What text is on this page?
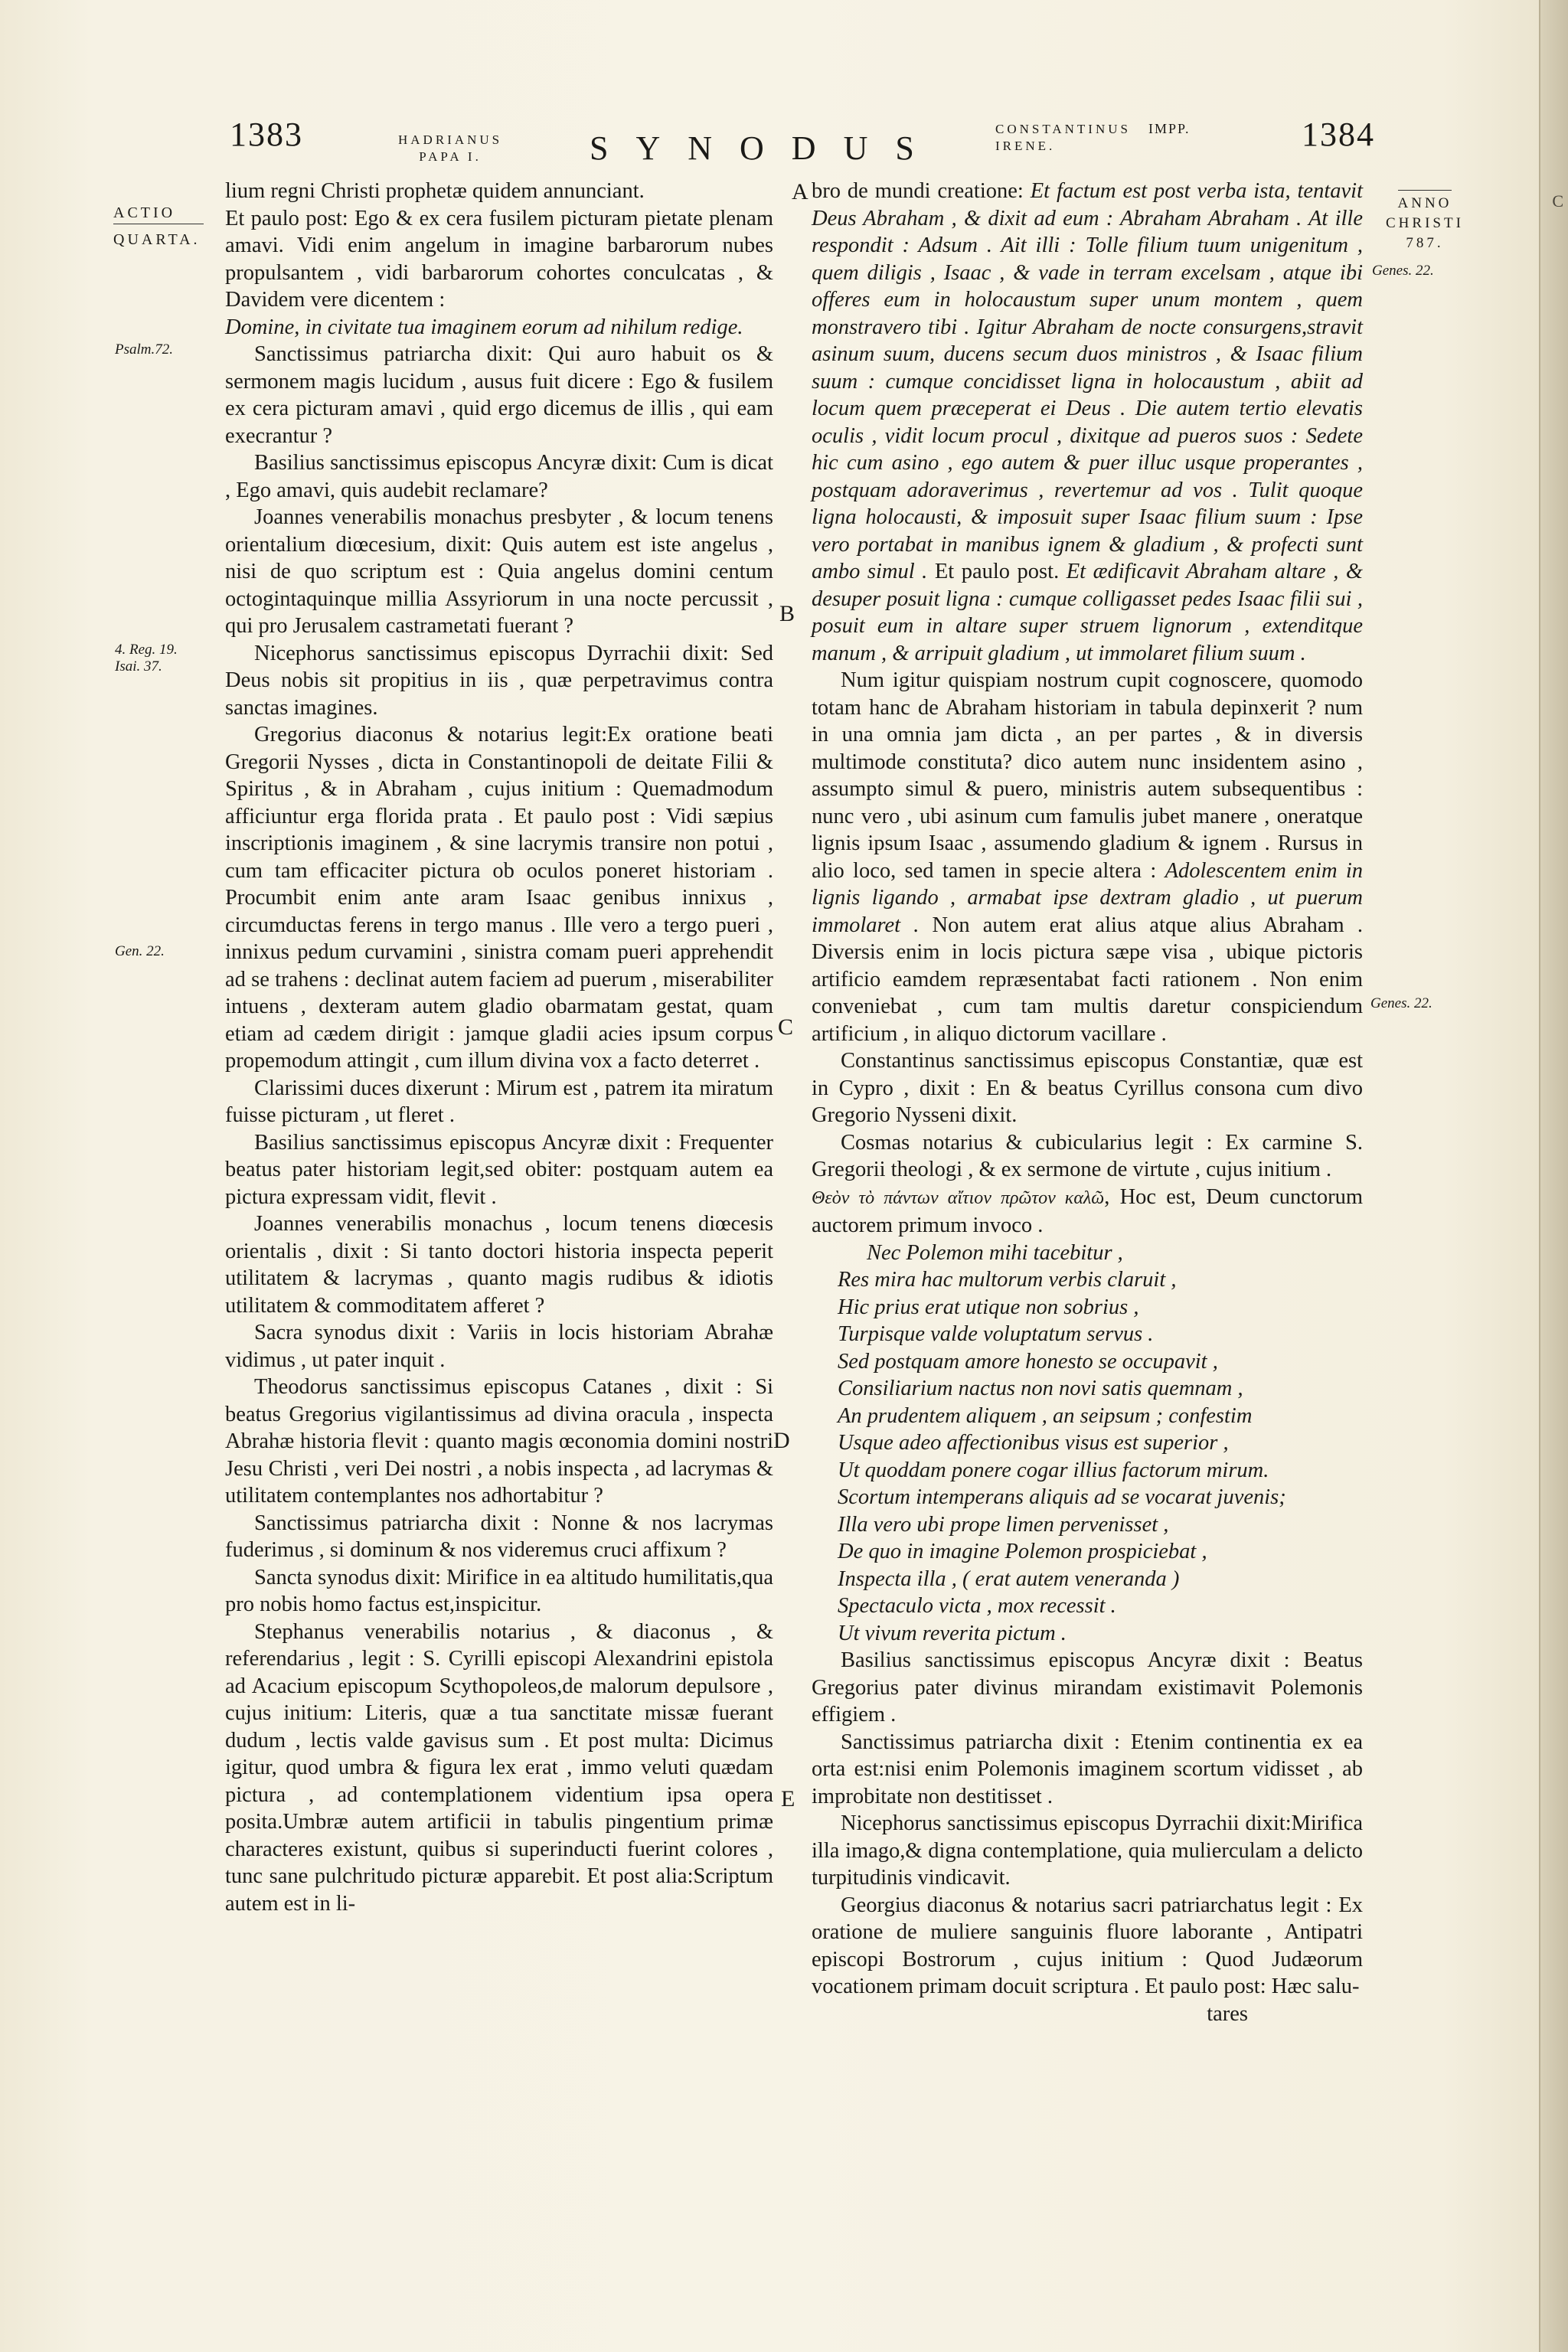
C
1383	HADRIANUS
PAPA I.	SYNODUS
CONSTANTINUS
IRENE.
IMPP.	1384
ACTIO
QUARTA.
Psalm.72.
4. Reg. 19.
Isai. 37.
Gen. 22.
A
B
C
D
E
ANNO
CHRISTI
787.
Genes. 22.
Genes. 22.

lium regni Christi prophetæ quidem annunciant.

Et paulo post: Ego & ex cera fusilem picturam pietate plenam amavi. Vidi enim angelum in imagine barbarorum nubes propulsantem , vidi barbarorum cohortes conculcatas , & Davidem vere dicentem :

Domine, in civitate tua imaginem eorum ad nihilum redige.

Sanctissimus patriarcha dixit: Qui auro habuit os & sermonem magis lucidum , ausus fuit dicere : Ego & fusilem ex cera picturam amavi , quid ergo dicemus de illis , qui eam execrantur ?

Basilius sanctissimus episcopus Ancyræ dixit: Cum is dicat , Ego amavi, quis audebit reclamare?

Joannes venerabilis monachus presbyter , & locum tenens orientalium diœcesium, dixit: Quis autem est iste angelus , nisi de quo scriptum est : Quia angelus domini centum octogintaquinque millia Assyriorum in una nocte percussit , qui pro Jerusalem castrametati fuerant ?

Nicephorus sanctissimus episcopus Dyrrachii dixit: Sed Deus nobis sit propitius in iis , quæ perpetravimus contra sanctas imagines.

Gregorius diaconus & notarius legit:Ex oratione beati Gregorii Nysses , dicta in Constantinopoli de deitate Filii & Spiritus , & in Abraham , cujus initium : Quemadmodum afficiuntur erga florida prata . Et paulo post : Vidi sæpius inscriptionis imaginem , & sine lacrymis transire non potui , cum tam efficaciter pictura ob oculos poneret historiam . Procumbit enim ante aram Isaac genibus innixus , circumductas ferens in tergo manus . Ille vero a tergo pueri , innixus pedum curvamini , sinistra comam pueri apprehendit ad se trahens : declinat autem faciem ad puerum , miserabiliter intuens , dexteram autem gladio obarmatam gestat, quam etiam ad cædem dirigit : jamque gladii acies ipsum corpus propemodum attingit , cum illum divina vox a facto deterret .

Clarissimi duces dixerunt : Mirum est , patrem ita miratum fuisse picturam , ut fleret .

Basilius sanctissimus episcopus Ancyræ dixit : Frequenter beatus pater historiam legit,sed obiter: postquam autem ea pictura expressam vidit, flevit .

Joannes venerabilis monachus , locum tenens diœcesis orientalis , dixit : Si tanto doctori historia inspecta peperit utilitatem & lacrymas , quanto magis rudibus & idiotis utilitatem & commoditatem afferet ?

Sacra synodus dixit : Variis in locis historiam Abrahæ vidimus , ut pater inquit .

Theodorus sanctissimus episcopus Catanes , dixit : Si beatus Gregorius vigilantissimus ad divina oracula , inspecta Abrahæ historia flevit : quanto magis œconomia domini nostri Jesu Christi , veri Dei nostri , a nobis inspecta , ad lacrymas & utilitatem contemplantes nos adhortabitur ?

Sanctissimus patriarcha dixit : Nonne & nos lacrymas fuderimus , si dominum & nos videremus cruci affixum ?

Sancta synodus dixit: Mirifice in ea altitudo humilitatis,qua pro nobis homo factus est,inspicitur.

Stephanus venerabilis notarius , & diaconus , & referendarius , legit : S. Cyrilli episcopi Alexandrini epistola ad Acacium episcopum Scythopoleos,de malorum depulsore , cujus initium: Literis, quæ a tua sanctitate missæ fuerant dudum , lectis valde gavisus sum . Et post multa: Dicimus igitur, quod umbra & figura lex erat , immo veluti quædam pictura , ad contemplationem videntium ipsa opera posita.Umbræ autem artificii in tabulis pingentium primæ characteres existunt, quibus si superinducti fuerint colores , tunc sane pulchritudo picturæ apparebit. Et post alia:Scriptum autem est in li-

bro de mundi creatione: Et factum est post verba ista, tentavit Deus Abraham , & dixit ad eum : Abraham Abraham . At ille respondit : Adsum . Ait illi : Tolle filium tuum unigenitum , quem diligis , Isaac , & vade in terram excelsam , atque ibi offeres eum in holocaustum super unum montem , quem monstravero tibi . Igitur Abraham de nocte consurgens,stravit asinum suum, ducens secum duos ministros , & Isaac filium suum : cumque concidisset ligna in holocaustum , abiit ad locum quem præceperat ei Deus . Die autem tertio elevatis oculis , vidit locum procul , dixitque ad pueros suos : Sedete hic cum asino , ego autem & puer illuc usque properantes , postquam adoraverimus , revertemur ad vos . Tulit quoque ligna holocausti, & imposuit super Isaac filium suum : Ipse vero portabat in manibus ignem & gladium , & profecti sunt ambo simul . Et paulo post. Et ædificavit Abraham altare , & desuper posuit ligna : cumque colligasset pedes Isaac filii sui , posuit eum in altare super struem lignorum , extenditque manum , & arripuit gladium , ut immolaret filium suum .

Num igitur quispiam nostrum cupit cognoscere, quomodo totam hanc de Abraham historiam in tabula depinxerit ? num in una omnia jam dicta , an per partes , & in diversis multimode constituta? dico autem nunc insidentem asino , assumpto simul & puero, ministris autem subsequentibus : nunc vero , ubi asinum cum famulis jubet manere , oneratque lignis ipsum Isaac , assumendo gladium & ignem . Rursus in alio loco, sed tamen in specie altera : Adolescentem enim in lignis ligando , armabat ipse dextram gladio , ut puerum immolaret . Non autem erat alius atque alius Abraham . Diversis enim in locis pictura sæpe visa , ubique pictoris artificio eamdem repræsentabat facti rationem . Non enim conveniebat , cum tam multis daretur conspiciendum artificium , in aliquo dictorum vacillare .

Constantinus sanctissimus episcopus Constantiæ, quæ est in Cypro , dixit : En & beatus Cyrillus consona cum divo Gregorio Nysseni dixit.

Cosmas notarius & cubicularius legit : Ex carmine S. Gregorii theologi , & ex sermone de virtute , cujus initium .

Θεὸν τὸ πάντων αἴτιον πρῶτον καλῶ, Hoc est, Deum cunctorum auctorem primum invoco .

Nec Polemon mihi tacebitur ,
Res mira hac multorum verbis claruit ,
Hic prius erat utique non sobrius ,
Turpisque valde voluptatum servus .
Sed postquam amore honesto se occupavit ,
Consiliarium nactus non novi satis quemnam ,
An prudentem aliquem , an seipsum ; confestim
Usque adeo affectionibus visus est superior ,
Ut quoddam ponere cogar illius factorum mirum.
Scortum intemperans aliquis ad se vocarat juvenis;
Illa vero ubi prope limen pervenisset ,
De quo in imagine Polemon prospiciebat ,
Inspecta illa , ( erat autem veneranda )
Spectaculo victa , mox recessit .
Ut vivum reverita pictum .

Basilius sanctissimus episcopus Ancyræ dixit : Beatus Gregorius pater divinus mirandam existimavit Polemonis effigiem .

Sanctissimus patriarcha dixit : Etenim continentia ex ea orta est:nisi enim Polemonis imaginem scortum vidisset , ab improbitate non destitisset .

Nicephorus sanctissimus episcopus Dyrrachii dixit:Mirifica illa imago,& digna contemplatione, quia mulierculam a delicto turpitudinis vindicavit.

Georgius diaconus & notarius sacri patriarchatus legit : Ex oratione de muliere sanguinis fluore laborante , Antipatri episcopi Bostrorum , cujus initium : Quod Judæorum vocationem primam docuit scriptura . Et paulo post: Hæc salu-

tares
